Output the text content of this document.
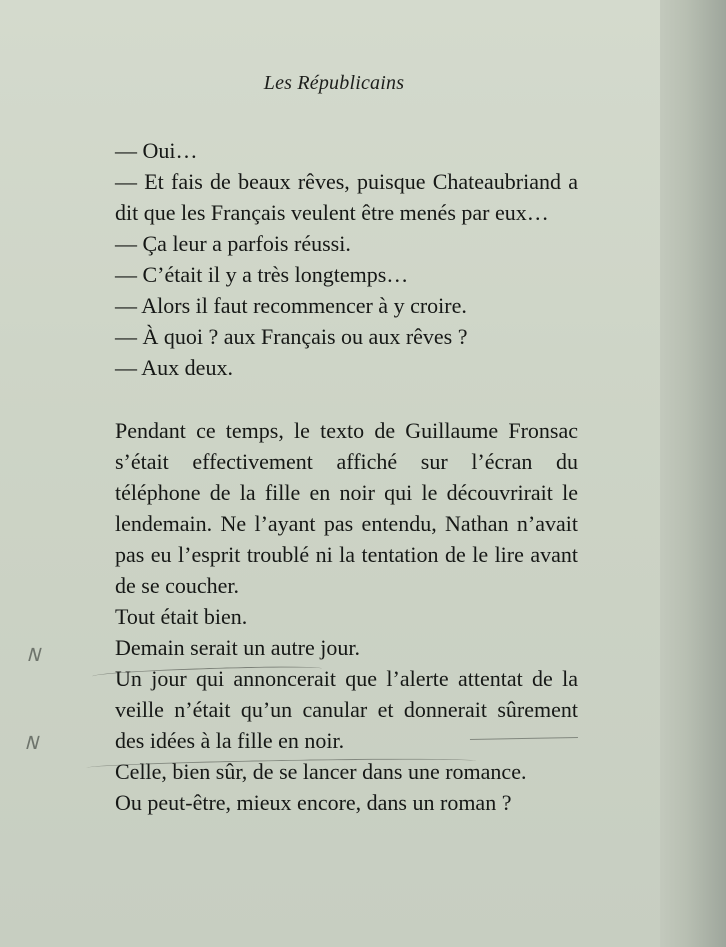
Les Républicains

— Oui…

— Et fais de beaux rêves, puisque Chateaubriand a dit que les Français veulent être menés par eux…

— Ça leur a parfois réussi.

— C’était il y a très longtemps…

— Alors il faut recommencer à y croire.

— À quoi ? aux Français ou aux rêves ?

— Aux deux.

Pendant ce temps, le texto de Guillaume Fronsac s’était effectivement affiché sur l’écran du téléphone de la fille en noir qui le découvrirait le lendemain. Ne l’ayant pas entendu, Nathan n’avait pas eu l’esprit troublé ni la tentation de le lire avant de se coucher.

Tout était bien.

Demain serait un autre jour.

Un jour qui annoncerait que l’alerte attentat de la veille n’était qu’un canular et donnerait sûrement des idées à la fille en noir.

Celle, bien sûr, de se lancer dans une romance.

Ou peut-être, mieux encore, dans un roman ?

N
N
